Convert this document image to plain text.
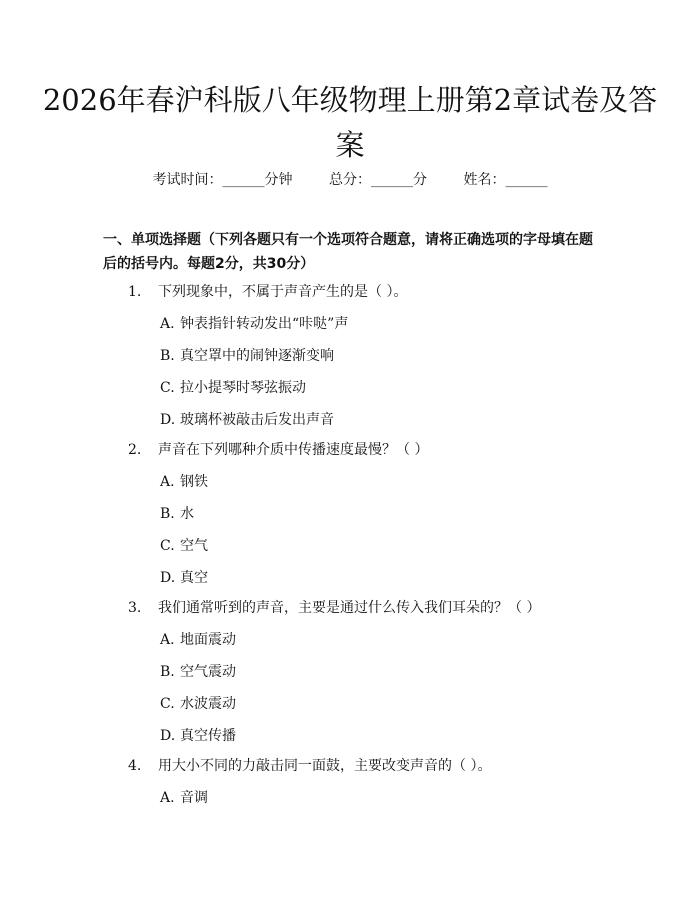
2026年春沪科版八年级物理上册第2章试卷及答案
考试时间：______分钟	总分：______分	姓名：______
一、单项选择题（下列各题只有一个选项符合题意，请将正确选项的字母填在题后的括号内。每题2分，共30分）
1. 下列现象中，不属于声音产生的是（ ）。
A. 钟表指针转动发出“咔哒”声
B. 真空罩中的闹钟逐渐变响
C. 拉小提琴时琴弦振动
D. 玻璃杯被敲击后发出声音
2. 声音在下列哪种介质中传播速度最慢？（ ）
A. 钢铁
B. 水
C. 空气
D. 真空
3. 我们通常听到的声音，主要是通过什么传入我们耳朵的？（ ）
A. 地面震动
B. 空气震动
C. 水波震动
D. 真空传播
4. 用大小不同的力敲击同一面鼓，主要改变声音的（ ）。
A. 音调
